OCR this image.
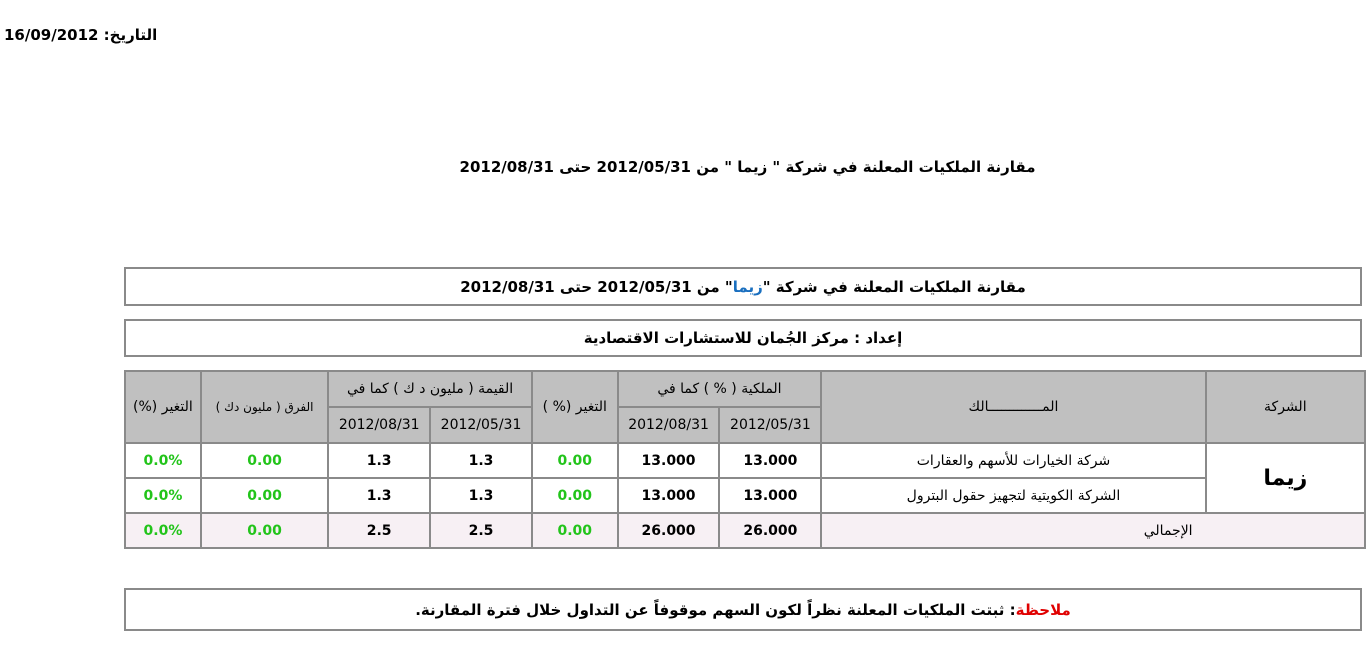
التاريخ: 16/09/2012
مقارنة الملكيات المعلنة في شركة " زيما " من 2012/05/31 حتى 2012/08/31
مقارنة الملكيات المعلنة في شركة "
زيما
" من 2012/05/31 حتى 2012/08/31
إعداد : مركز الجُمان للاستشارات الاقتصادية
الشركة	المـــــــــــــالك	الملكية ( % ) كما في		التغير (% )	القيمة ( مليون د ك ) كما في		الفرق ( مليون دك )	التغير (%)
		2012/05/31	2012/08/31		2012/05/31	2012/08/31		
زيما	شركة الخيارات للأسهم والعقارات	13.000	13.000	0.00	1.3	1.3	0.00	0.0%
	الشركة الكويتية لتجهيز حقول البترول	13.000	13.000	0.00	1.3	1.3	0.00	0.0%
الإجمالي		26.000	26.000	0.00	2.5	2.5	0.00	0.0%
ملاحظة
: ثبتت الملكيات المعلنة نظراً لكون السهم موقوفاً عن التداول خلال فترة المقارنة.
